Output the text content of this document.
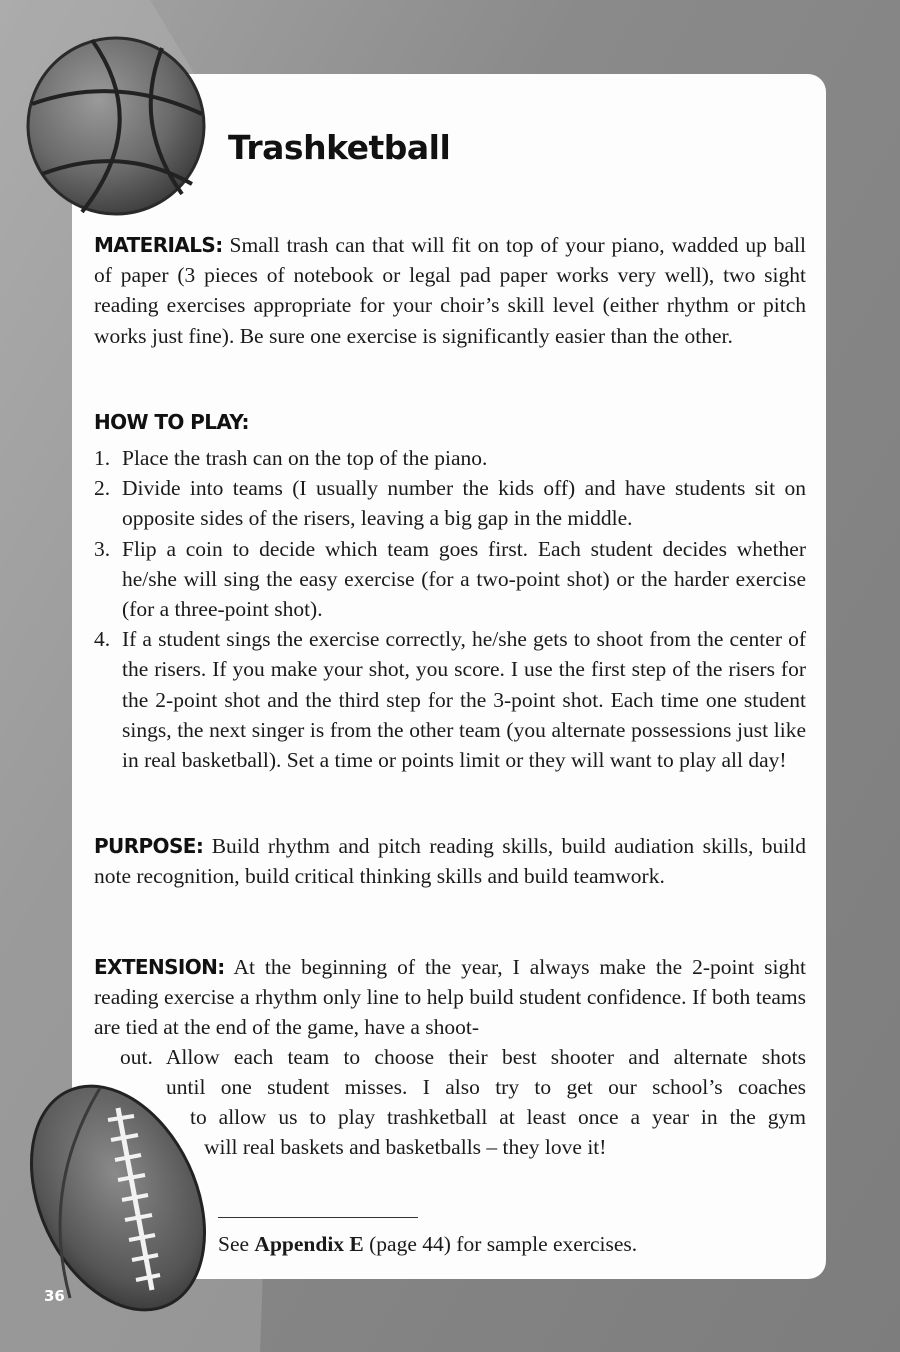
Trashketball

MATERIALS: Small trash can that will fit on top of your piano, wadded up ball of paper (3 pieces of notebook or legal pad paper works very well), two sight reading exercises appropriate for your choir’s skill level (either rhythm or pitch works just fine). Be sure one exercise is significantly easier than the other.

HOW TO PLAY:

1. Place the trash can on the top of the piano.
2. Divide into teams (I usually number the kids off) and have students sit on opposite sides of the risers, leaving a big gap in the middle.
3. Flip a coin to decide which team goes first. Each student decides whether he/she will sing the easy exercise (for a two-point shot) or the harder exercise (for a three-point shot).
4. If a student sings the exercise correctly, he/she gets to shoot from the center of the risers. If you make your shot, you score. I use the first step of the risers for the 2-point shot and the third step for the 3-point shot. Each time one student sings, the next singer is from the other team (you alternate possessions just like in real basketball). Set a time or points limit or they will want to play all day!

PURPOSE: Build rhythm and pitch reading skills, build audiation skills, build note recognition, build critical thinking skills and build teamwork.

EXTENSION: At the beginning of the year, I always make the 2-point sight reading exercise a rhythm only line to help build student confidence. If both teams are tied at the end of the game, have a shoot-

out. Allow each team to choose their best shooter and alternate shots

until one student misses. I also try to get our school’s coaches

to allow us to play trashketball at least once a year in the gym

will real baskets and basketballs – they love it!

See Appendix E (page 44) for sample exercises.

36
